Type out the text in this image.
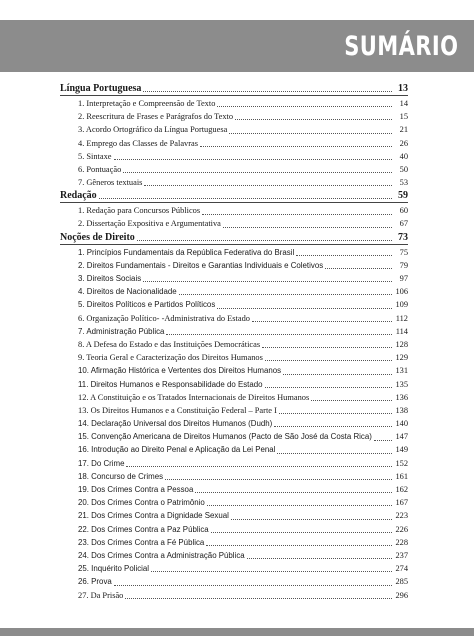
SUMÁRIO
Língua Portuguesa	13
1. Interpretação e Compreensão de Texto	14
2. Reescritura de Frases e Parágrafos do Texto	15
3. Acordo Ortográfico da Língua Portuguesa	21
4. Emprego das Classes de Palavras	26
5. Sintaxe	40
6. Pontuação	50
7. Gêneros textuais	53
Redação	59
1. Redação para Concursos Públicos	60
2. Dissertação Expositiva e Argumentativa	67
Noções de Direito	73
1. Princípios Fundamentais da República Federativa do Brasil	75
2. Direitos Fundamentais - Direitos e Garantias Individuais e Coletivos	79
3. Direitos Sociais	97
4. Direitos de Nacionalidade	106
5. Direitos Políticos e Partidos Políticos	109
6. Organização Político- -Administrativa do Estado	112
7. Administração Pública	114
8. A Defesa do Estado e das Instituições Democráticas	128
9. Teoria Geral e Caracterização dos Direitos Humanos	129
10. Afirmação Histórica e Vertentes dos Direitos Humanos	131
11. Direitos Humanos e Responsabilidade do Estado	135
12. A Constituição e os Tratados Internacionais de Direitos Humanos	136
13. Os Direitos Humanos e a Constituição Federal – Parte I	138
14. Declaração Universal dos Direitos Humanos (Dudh)	140
15. Convenção Americana de Direitos Humanos (Pacto de São José da Costa Rica)	147
16. Introdução ao Direito Penal e Aplicação da Lei Penal	149
17. Do Crime	152
18. Concurso de Crimes	161
19. Dos Crimes Contra a Pessoa	162
20. Dos Crimes Contra o Patrimônio	167
21. Dos Crimes Contra a Dignidade Sexual	223
22. Dos Crimes Contra a Paz Pública	226
23. Dos Crimes Contra a Fé Pública	228
24. Dos Crimes Contra a Administração Pública	237
25. Inquérito Policial	274
26. Prova	285
27. Da Prisão	296
